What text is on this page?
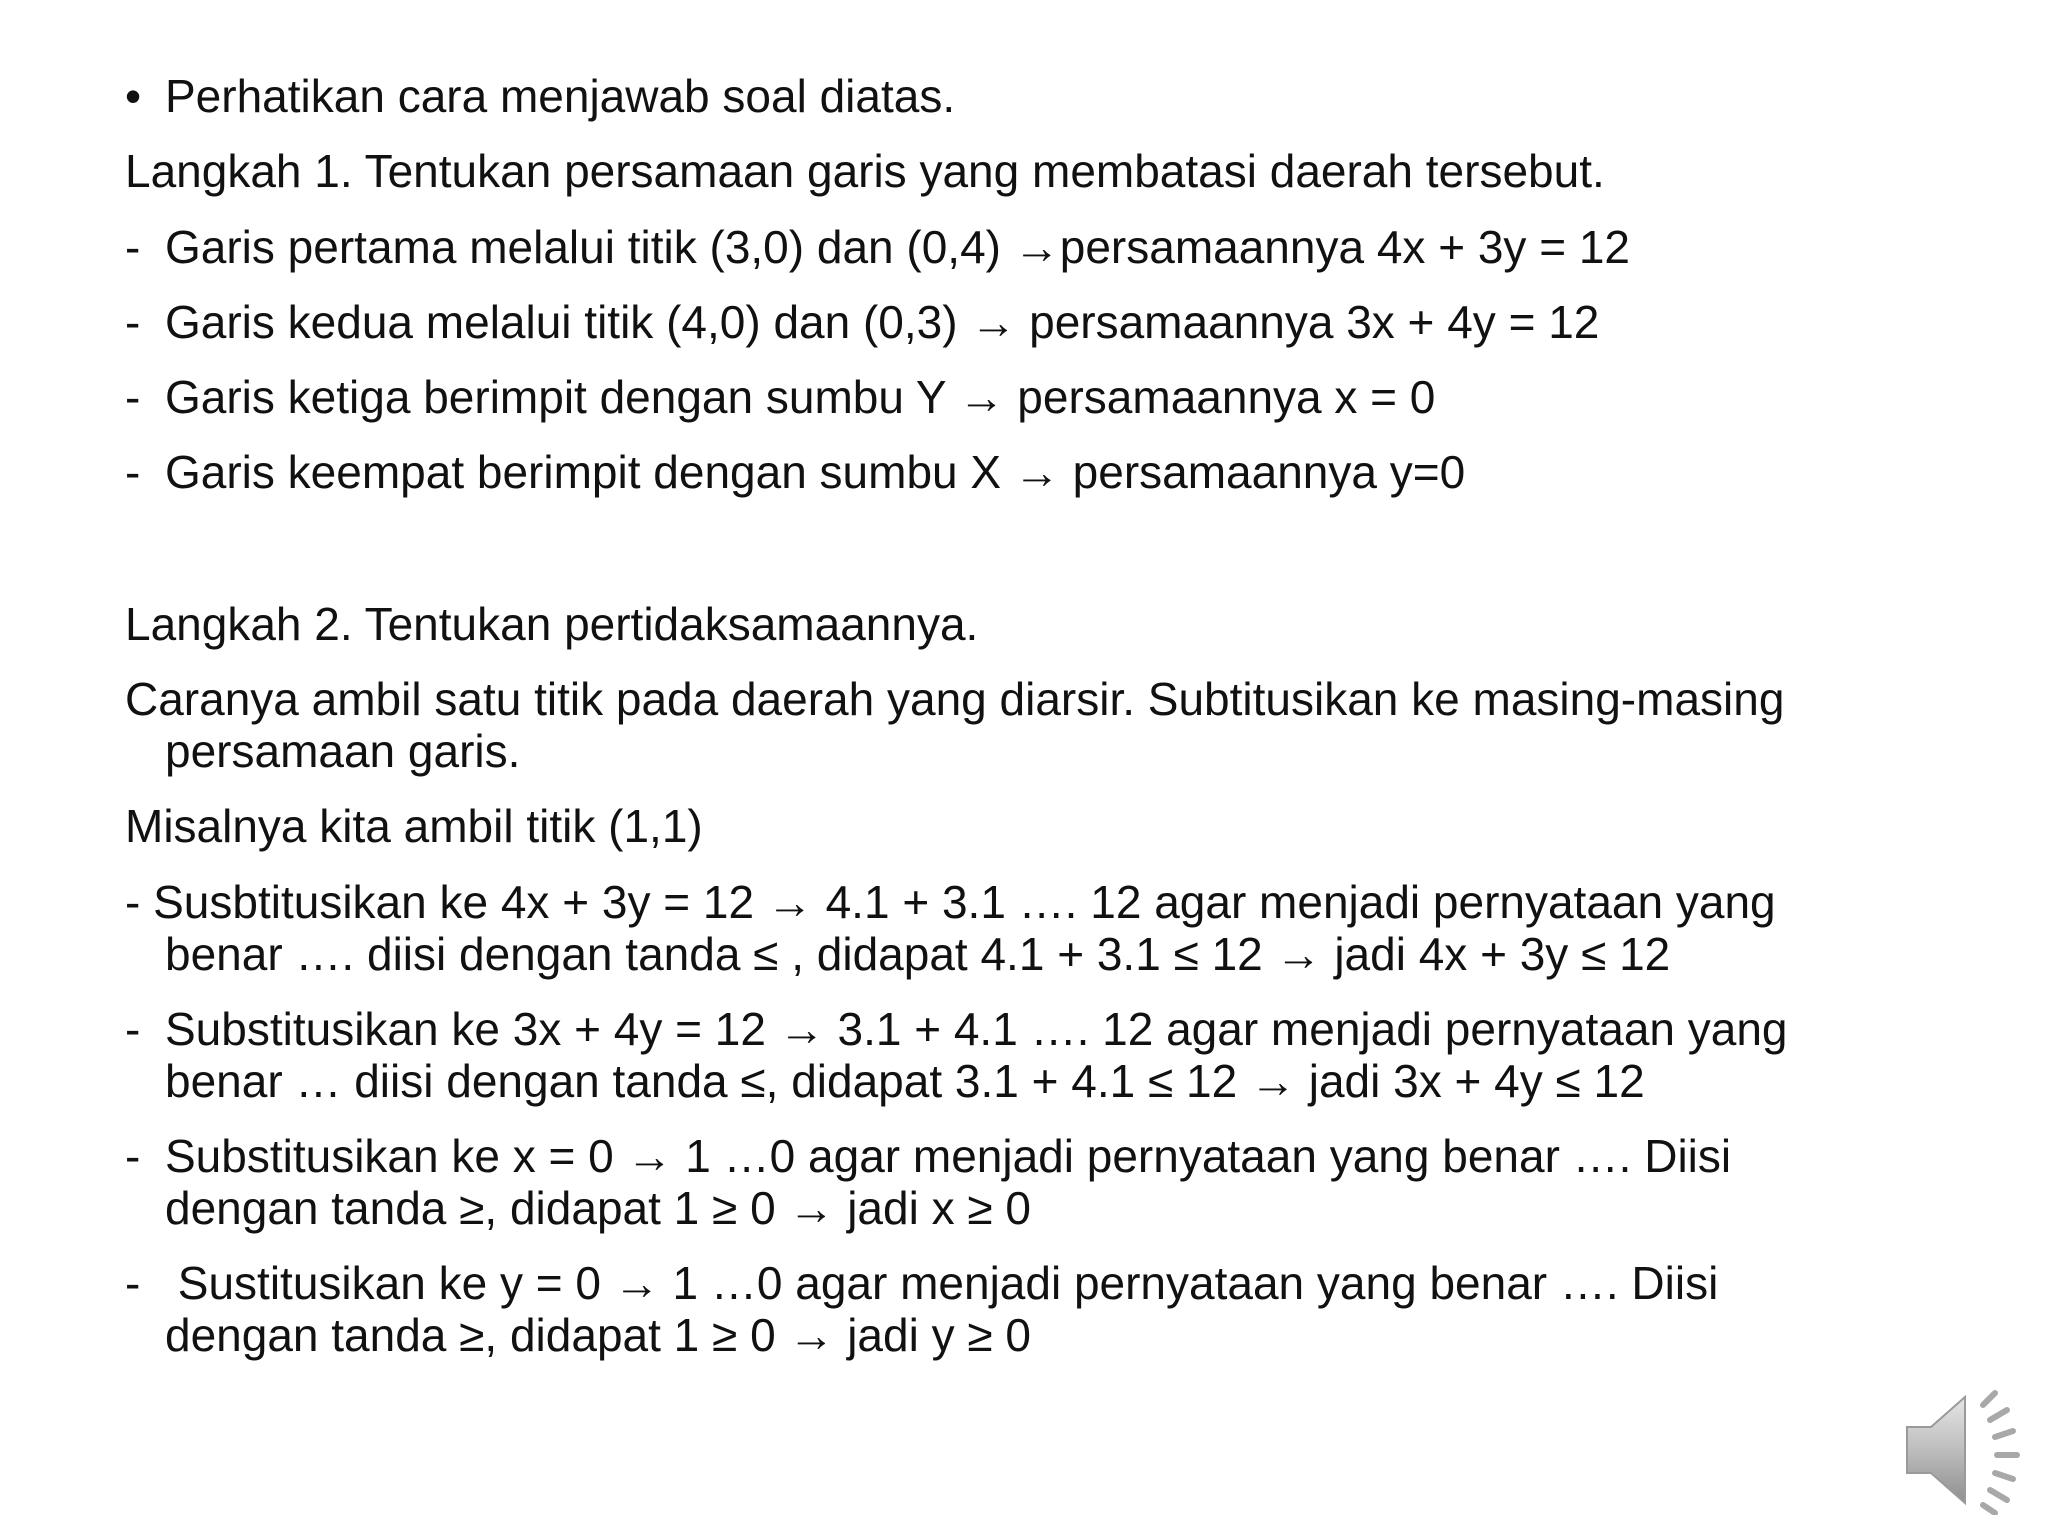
• Perhatikan cara menjawab soal diatas.
Langkah 1. Tentukan persamaan garis yang membatasi daerah tersebut.
- Garis pertama melalui titik (3,0) dan (0,4) →persamaannya 4x + 3y = 12
- Garis kedua melalui titik (4,0) dan (0,3) → persamaannya 3x + 4y = 12
- Garis ketiga berimpit dengan sumbu Y → persamaannya x = 0
- Garis keempat berimpit dengan sumbu X → persamaannya y=0
Langkah 2. Tentukan pertidaksamaannya.
Caranya ambil satu titik pada daerah yang diarsir. Subtitusikan ke masing-masing
persamaan garis.
Misalnya kita ambil titik (1,1)
- Susbtitusikan ke 4x + 3y = 12 → 4.1 + 3.1 …. 12 agar menjadi pernyataan yang
benar …. diisi dengan tanda ≤ , didapat 4.1 + 3.1 ≤ 12 → jadi 4x + 3y ≤ 12
- Substitusikan ke 3x + 4y = 12 → 3.1 + 4.1 …. 12 agar menjadi pernyataan yang
benar … diisi dengan tanda ≤, didapat 3.1 + 4.1 ≤ 12 → jadi 3x + 4y ≤ 12
- Substitusikan ke x = 0 → 1 …0 agar menjadi pernyataan yang benar …. Diisi
dengan tanda ≥, didapat 1 ≥ 0 → jadi x ≥ 0
- Sustitusikan ke y = 0 → 1 …0 agar menjadi pernyataan yang benar …. Diisi
dengan tanda ≥, didapat 1 ≥ 0 → jadi y ≥ 0
